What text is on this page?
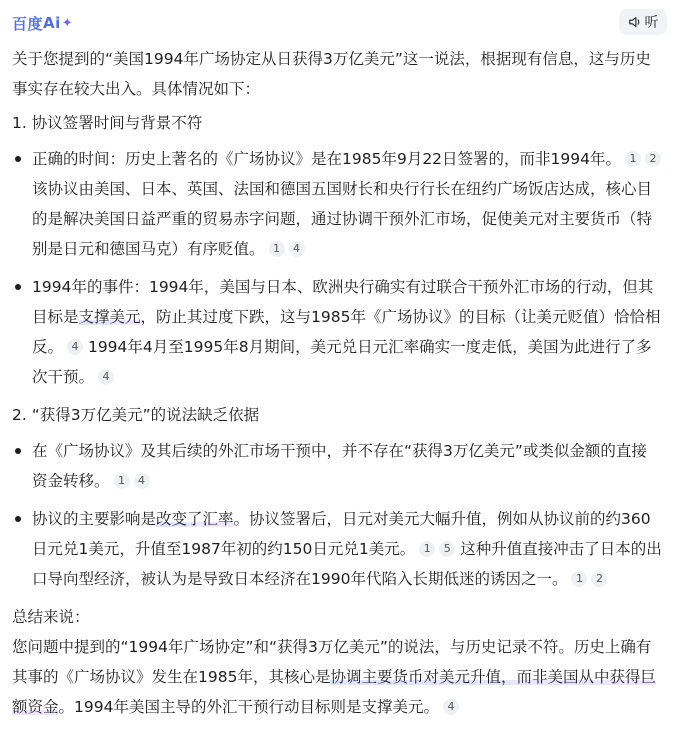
百度 Ai ✦	听

关于您提到的“美国1994年广场协定从日获得3万亿美元”这一说法，根据现有信息，这与历史事实存在较大出入。具体情况如下：

1. 协议签署时间与背景不符

正确的时间：历史上著名的《广场协议》是在1985年9月22日签署的，而非1994年。 1 2 该协议由美国、日本、英国、法国和德国五国财长和央行行长在纽约广场饭店达成，核心目的是解决美国日益严重的贸易赤字问题，通过协调干预外汇市场，促使美元对主要货币（特别是日元和德国马克）有序贬值。 1 4
1994年的事件：1994年，美国与日本、欧洲央行确实有过联合干预外汇市场的行动，但其目标是支撑美元，防止其过度下跌，这与1985年《广场协议》的目标（让美元贬值）恰恰相反。 4 1994年4月至1995年8月期间，美元兑日元汇率确实一度走低，美国为此进行了多次干预。 4

2. “获得3万亿美元”的说法缺乏依据

在《广场协议》及其后续的外汇市场干预中，并不存在“获得3万亿美元”或类似金额的直接资金转移。 1 4
协议的主要影响是改变了汇率。协议签署后，日元对美元大幅升值，例如从协议前的约360日元兑1美元，升值至1987年初的约150日元兑1美元。 1 5 这种升值直接冲击了日本的出口导向型经济，被认为是导致日本经济在1990年代陷入长期低迷的诱因之一。 1 2

总结来说：

您问题中提到的“1994年广场协定”和“获得3万亿美元”的说法，与历史记录不符。历史上确有其事的《广场协议》发生在1985年，其核心是协调主要货币对美元升值，而非美国从中获得巨额资金。1994年美国主导的外汇干预行动目标则是支撑美元。 4
